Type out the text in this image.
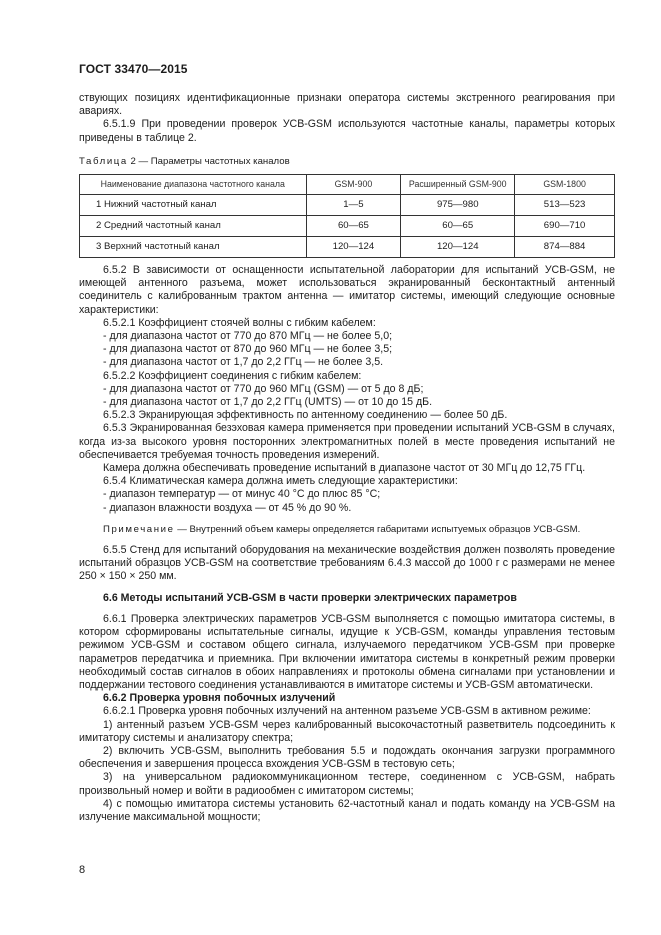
ГОСТ 33470—2015

ствующих позициях идентификационные признаки оператора системы экстренного реагирования при авариях.

6.5.1.9 При проведении проверок УСВ-GSM используются частотные каналы, параметры которых приведены в таблице 2.

Таблица 2 — Параметры частотных каналов

Наименование диапазона частотного канала	GSM-900	Расширенный GSM-900	GSM-1800
1 Нижний частотный канал	1—5	975—980	513—523
2 Средний частотный канал	60—65	60—65	690—710
3 Верхний частотный канал	120—124	120—124	874—884

6.5.2 В зависимости от оснащенности испытательной лаборатории для испытаний УСВ-GSM, не имеющей антенного разъема, может использоваться экранированный бесконтактный антенный соединитель с калиброванным трактом антенна — имитатор системы, имеющий следующие основные характеристики:

6.5.2.1 Коэффициент стоячей волны с гибким кабелем:

- для диапазона частот от 770 до 870 МГц — не более 5,0;

- для диапазона частот от 870 до 960 МГц — не более 3,5;

- для диапазона частот от 1,7 до 2,2 ГГц — не более 3,5.

6.5.2.2 Коэффициент соединения с гибким кабелем:

- для диапазона частот от 770 до 960 МГц (GSM) — от 5 до 8 дБ;

- для диапазона частот от 1,7 до 2,2 ГГц (UMTS) — от 10 до 15 дБ.

6.5.2.3 Экранирующая эффективность по антенному соединению — более 50 дБ.

6.5.3 Экранированная безэховая камера применяется при проведении испытаний УСВ-GSM в случаях, когда из-за высокого уровня посторонних электромагнитных полей в месте проведения испытаний не обеспечивается требуемая точность проведения измерений.

Камера должна обеспечивать проведение испытаний в диапазоне частот от 30 МГц до 12,75 ГГц.

6.5.4 Климатическая камера должна иметь следующие характеристики:

- диапазон температур — от минус 40 °C до плюс 85 °C;

- диапазон влажности воздуха — от 45 % до 90 %.

Примечание — Внутренний объем камеры определяется габаритами испытуемых образцов УСВ-GSM.

6.5.5 Стенд для испытаний оборудования на механические воздействия должен позволять проведение испытаний образцов УСВ-GSM на соответствие требованиям 6.4.3 массой до 1000 г с размерами не менее 250 × 150 × 250 мм.

6.6 Методы испытаний УСВ-GSM в части проверки электрических параметров

6.6.1 Проверка электрических параметров УСВ-GSM выполняется с помощью имитатора системы, в котором сформированы испытательные сигналы, идущие к УСВ-GSM, команды управления тестовым режимом УСВ-GSM и составом общего сигнала, излучаемого передатчиком УСВ-GSM при проверке параметров передатчика и приемника. При включении имитатора системы в конкретный режим проверки необходимый состав сигналов в обоих направлениях и протоколы обмена сигналами при установлении и поддержании тестового соединения устанавливаются в имитаторе системы и УСВ-GSM автоматически.

6.6.2 Проверка уровня побочных излучений

6.6.2.1 Проверка уровня побочных излучений на антенном разъеме УСВ-GSM в активном режиме:

1) антенный разъем УСВ-GSM через калиброванный высокочастотный разветвитель подсоединить к имитатору системы и анализатору спектра;

2) включить УСВ-GSM, выполнить требования 5.5 и подождать окончания загрузки программного обеспечения и завершения процесса вхождения УСВ-GSM в тестовую сеть;

3) на универсальном радиокоммуникационном тестере, соединенном с УСВ-GSM, набрать произвольный номер и войти в радиообмен с имитатором системы;

4) с помощью имитатора системы установить 62-частотный канал и подать команду на УСВ-GSM на излучение максимальной мощности;

8
